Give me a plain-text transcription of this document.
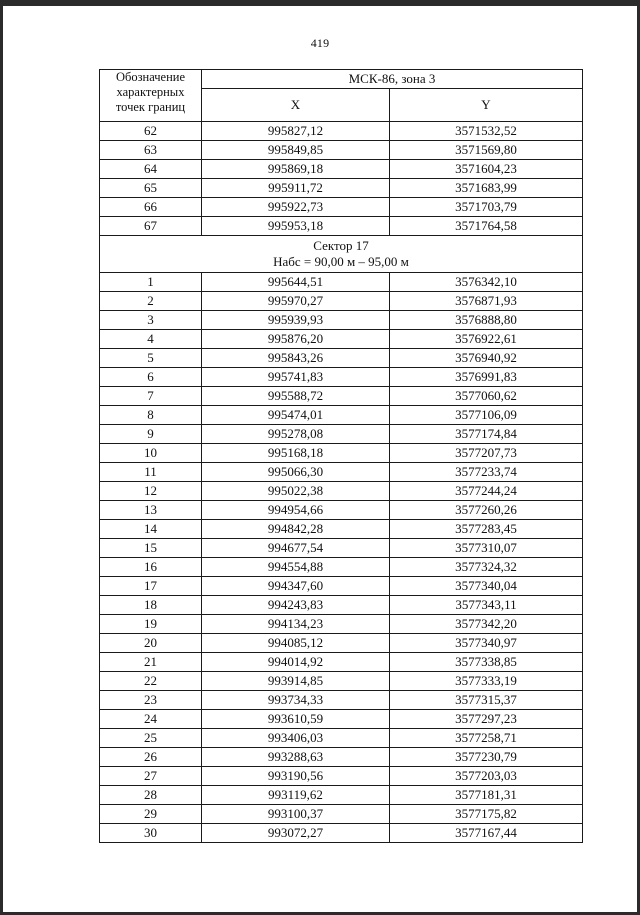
419
Обозначение
характерных
точек границ	МСК-86, зона 3	
	X	Y
62	995827,12	3571532,52
63	995849,85	3571569,80
64	995869,18	3571604,23
65	995911,72	3571683,99
66	995922,73	3571703,79
67	995953,18	3571764,58

Сектор 17
Набс = 90,00 м – 95,00 м		

1	995644,51	3576342,10
2	995970,27	3576871,93
3	995939,93	3576888,80
4	995876,20	3576922,61
5	995843,26	3576940,92
6	995741,83	3576991,83
7	995588,72	3577060,62
8	995474,01	3577106,09
9	995278,08	3577174,84
10	995168,18	3577207,73
11	995066,30	3577233,74
12	995022,38	3577244,24
13	994954,66	3577260,26
14	994842,28	3577283,45
15	994677,54	3577310,07
16	994554,88	3577324,32
17	994347,60	3577340,04
18	994243,83	3577343,11
19	994134,23	3577342,20
20	994085,12	3577340,97
21	994014,92	3577338,85
22	993914,85	3577333,19
23	993734,33	3577315,37
24	993610,59	3577297,23
25	993406,03	3577258,71
26	993288,63	3577230,79
27	993190,56	3577203,03
28	993119,62	3577181,31
29	993100,37	3577175,82
30	993072,27	3577167,44
